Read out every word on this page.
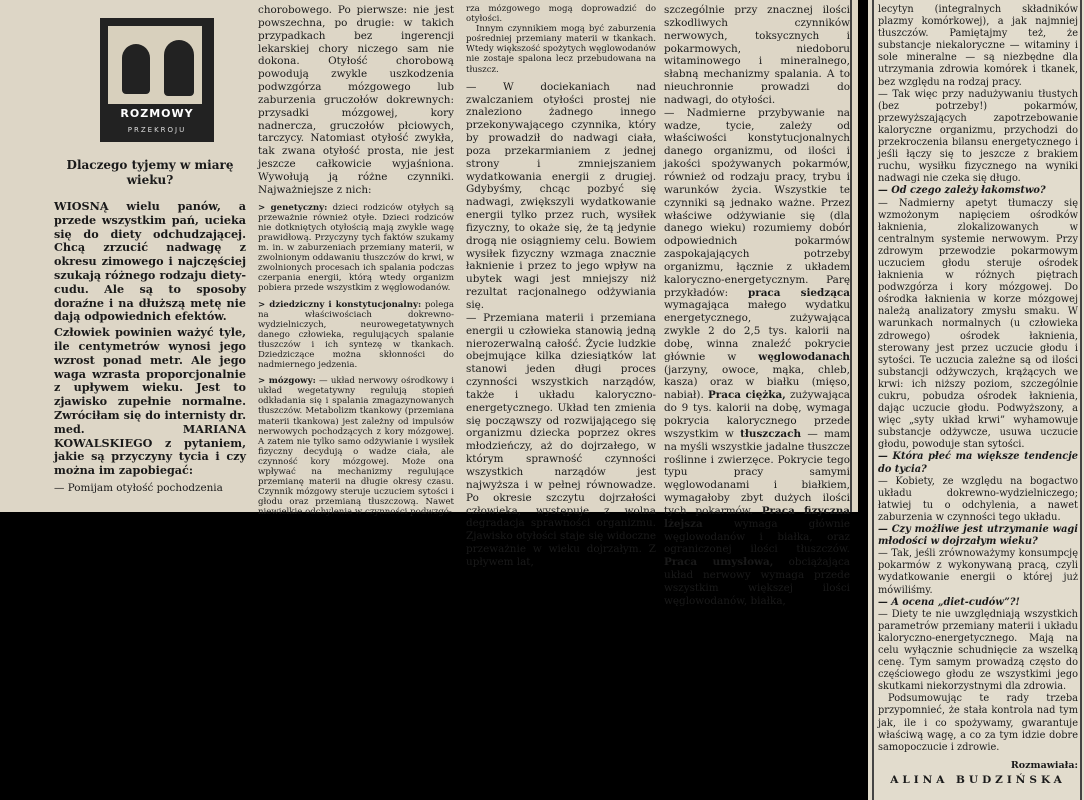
ROZMOWY
PRZEKROJU
Dlaczego tyjemy w miarę wieku?

WIOSNĄ wielu panów, a przede wszystkim pań, ucieka się do diety odchudzającej. Chcą zrzucić nadwagę z okresu zimowego i najczęściej szukają różnego rodzaju diety-cudu. Ale są to sposoby doraźne i na dłuższą metę nie dają odpowiednich efektów.

Człowiek powinien ważyć tyle, ile centymetrów wynosi jego wzrost ponad metr. Ale jego waga wzrasta proporcjonalnie z upływem wieku. Jest to zjawisko zupełnie normalne. Zwróciłam się do internisty dr. med. MARIANA KOWALSKIEGO z pytaniem, jakie są przyczyny tycia i czy można im zapobiegać:

— Pomijam otyłość pochodzenia

chorobowego. Po pierwsze: nie jest powszechna, po drugie: w takich przypadkach bez ingerencji lekarskiej chory niczego sam nie dokona. Otyłość chorobową powodują zwykle uszkodzenia podwzgórza mózgowego lub zaburzenia gruczołów dokrewnych: przysadki mózgowej, kory nadnercza, gruczołów płciowych, tarczycy. Natomiast otyłość zwykła, tak zwana otyłość prosta, nie jest jeszcze całkowicie wyjaśniona. Wywołują ją różne czynniki. Najważniejsze z nich:

> genetyczny: dzieci rodziców otyłych są przeważnie również otyłe. Dzieci rodziców nie dotkniętych otyłością mają zwykle wagę prawidłową. Przyczyny tych faktów szukamy m. in. w zaburzeniach przemiany materii, w zwolnionym oddawaniu tłuszczów do krwi, w zwolnionych procesach ich spalania podczas czerpania energii, którą wtedy organizm pobiera przede wszystkim z węglowodanów.

> dziedziczny i konstytucjonalny: polega na właściwościach dokrewno-wydzielniczych, neurowegetatywnych danego człowieka, regulujących spalanie tłuszczów i ich syntezę w tkankach. Dziedziczące można skłonności do nadmiernego jedzenia.

> mózgowy: — układ nerwowy ośrodkowy i układ wegetatywny regulują stopień odkładania się i spalania zmagazynowanych tłuszczów. Metabolizm tkankowy (przemiana materii tkankowa) jest zależny od impulsów nerwowych pochodzących z kory mózgowej. A zatem nie tylko samo odżywianie i wysiłek fizyczny decydują o wadze ciała, ale czynność kory mózgowej. Może ona wpływać na mechanizmy regulujące przemianę materii na długie okresy czasu. Czynnik mózgowy steruje uczuciem sytości i głodu oraz przemianą tłuszczową. Nawet niewielkie odchylenia w czynności podwzgó-

rza mózgowego mogą doprowadzić do otyłości.

Innym czynnikiem mogą być zaburzenia pośredniej przemiany materii w tkankach. Wtedy większość spożytych węglowodanów nie zostaje spalona lecz przebudowana na tłuszcz.

— W dociekaniach nad zwalczaniem otyłości prostej nie znaleziono żadnego innego przekonywającego czynnika, który by prowadził do nadwagi ciała, poza przekarmianiem z jednej strony i zmniejszaniem wydatkowania energii z drugiej. Gdybyśmy, chcąc pozbyć się nadwagi, zwiększyli wydatkowanie energii tylko przez ruch, wysiłek fizyczny, to okaże się, że tą jedynie drogą nie osiągniemy celu. Bowiem wysiłek fizyczny wzmaga znacznie łaknienie i przez to jego wpływ na ubytek wagi jest mniejszy niż rezultat racjonalnego odżywiania się.

— Przemiana materii i przemiana energii u człowieka stanowią jedną nierozerwalną całość. Życie ludzkie obejmujące kilka dziesiątków lat stanowi jeden długi proces czynności wszystkich narządów, także i układu kaloryczno-energetycznego. Układ ten zmienia się począwszy od rozwijającego się organizmu dziecka poprzez okres młodzieńczy, aż do dojrzałego, w którym sprawność czynności wszystkich narządów jest najwyższa i w pełnej równowadze. Po okresie szczytu dojrzałości człowieka, występuje z wolna degradacja sprawności organizmu. Zjawisko otyłości staje się widoczne przeważnie w wieku dojrzałym. Z upływem lat,

szczególnie przy znacznej ilości szkodliwych czynników nerwowych, toksycznych i pokarmowych, niedoboru witaminowego i mineralnego, słabną mechanizmy spalania. A to nieuchronnie prowadzi do nadwagi, do otyłości.

— Nadmierne przybywanie na wadze, tycie, zależy od właściwości konstytucjonalnych danego organizmu, od ilości i jakości spożywanych pokarmów, również od rodzaju pracy, trybu i warunków życia. Wszystkie te czynniki są jednako ważne. Przez właściwe odżywianie się (dla danego wieku) rozumiemy dobór odpowiednich pokarmów zaspokajających potrzeby organizmu, łącznie z układem kaloryczno-energetycznym. Parę przykładów: praca siedząca wymagająca małego wydatku energetycznego, zużywająca zwykle 2 do 2,5 tys. kalorii na dobę, winna znaleźć pokrycie głównie w węglowodanach (jarzyny, owoce, mąka, chleb, kasza) oraz w białku (mięso, nabiał). Praca ciężka, zużywająca do 9 tys. kalorii na dobę, wymaga pokrycia kalorycznego przede wszystkim w tłuszczach — mam na myśli wszystkie jadalne tłuszcze roślinne i zwierzęce. Pokrycie tego typu pracy samymi węglowodanami i białkiem, wymagałoby zbyt dużych ilości tych pokarmów. Praca fizyczna lżejsza	wymaga głównie węglowodanów i białka, oraz ograniczonej ilości tłuszczów. Praca umysłowa, obciążająca układ nerwowy wymaga przede wszystkim większej ilości węglowodanów, białka,

lecytyn (integralnych składników plazmy komórkowej), a jak najmniej tłuszczów. Pamiętajmy też, że substancje niekaloryczne — witaminy i sole mineralne — są niezbędne dla utrzymania zdrowia komórek i tkanek, bez względu na rodzaj pracy.

— Tak więc przy nadużywaniu tłustych (bez potrzeby!) pokarmów, przewyższających zapotrzebowanie kaloryczne organizmu, przychodzi do przekroczenia bilansu energetycznego i jeśli łączy się to jeszcze z brakiem ruchu, wysiłku fizycznego na wyniki nadwagi nie czeka się długo.

— Od czego zależy łakomstwo?

— Nadmierny apetyt tłumaczy się wzmożonym napięciem ośrodków łaknienia, zlokalizowanych w centralnym systemie nerwowym. Przy zdrowym przewodzie pokarmowym uczuciem głodu steruje ośrodek łaknienia w różnych piętrach podwzgórza i kory mózgowej. Do ośrodka łaknienia w korze mózgowej należą analizatory zmysłu smaku. W warunkach normalnych (u człowieka zdrowego) ośrodek łaknienia, sterowany jest przez uczucie głodu i sytości. Te uczucia zależne są od ilości substancji odżywczych, krążących we krwi: ich niższy poziom, szczególnie cukru, pobudza ośrodek łaknienia, dając uczucie głodu. Podwyższony, a więc „syty układ krwi” wyhamowuje substancje odżywcze, usuwa uczucie głodu, powoduje stan sytości.

— Która płeć ma większe tendencje do tycia?

— Kobiety, ze względu na bogactwo układu dokrewno-wydzielniczego; łatwiej tu o odchylenia, a nawet zaburzenia w czynności tego układu.

— Czy możliwe jest utrzymanie wagi młodości w dojrzałym wieku?

— Tak, jeśli zrównoważymy konsumpcję pokarmów z wykonywaną pracą, czyli wydatkowanie energii o której już mówiliśmy.

— A ocena „diet-cudów”?!

— Diety te nie uwzględniają wszystkich parametrów przemiany materii i układu kaloryczno-energetycznego. Mają na celu wyłącznie schudnięcie za wszelką cenę. Tym samym prowadzą często do częściowego głodu ze wszystkimi jego skutkami niekorzystnymi dla zdrowia.

Podsumowując te rady trzeba przypomnieć, że stała kontrola nad tym jak, ile i co spożywamy, gwarantuje właściwą wagę, a co za tym idzie dobre samopoczucie i zdrowie.

Rozmawiała:
ALINA BUDZIŃSKA
